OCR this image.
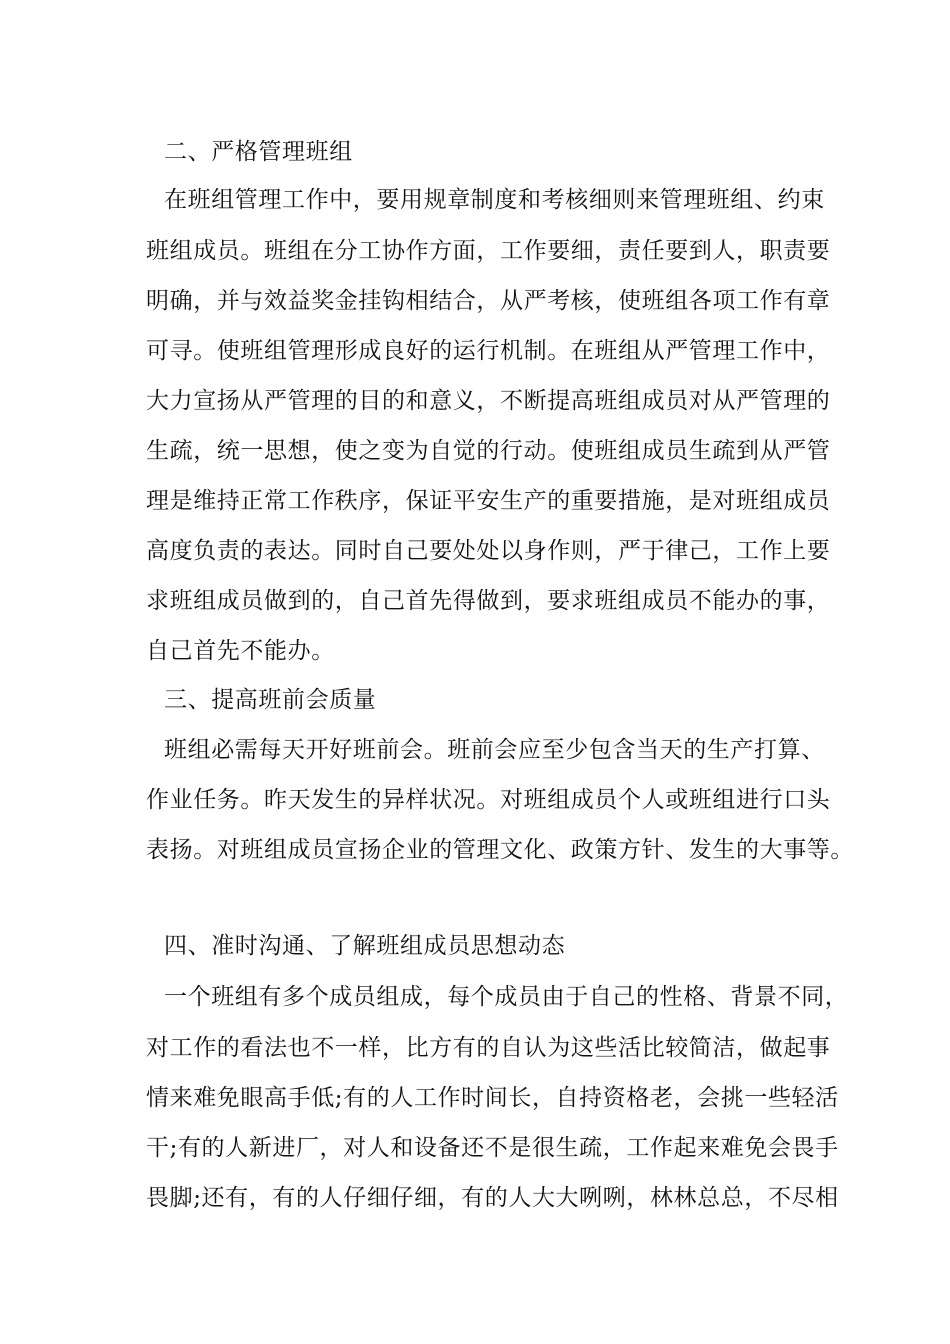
二、严格管理班组
在班组管理工作中，要用规章制度和考核细则来管理班组、约束
班组成员。班组在分工协作方面，工作要细，责任要到人，职责要
明确，并与效益奖金挂钩相结合，从严考核，使班组各项工作有章
可寻。使班组管理形成良好的运行机制。在班组从严管理工作中，
大力宣扬从严管理的目的和意义，不断提高班组成员对从严管理的
生疏，统一思想，使之变为自觉的行动。使班组成员生疏到从严管
理是维持正常工作秩序，保证平安生产的重要措施，是对班组成员
高度负责的表达。同时自己要处处以身作则，严于律己，工作上要
求班组成员做到的，自己首先得做到，要求班组成员不能办的事，
自己首先不能办。
三、提高班前会质量
班组必需每天开好班前会。班前会应至少包含当天的生产打算、
作业任务。昨天发生的异样状况。对班组成员个人或班组进行口头
表扬。对班组成员宣扬企业的管理文化、政策方针、发生的大事等。
四、准时沟通、了解班组成员思想动态
一个班组有多个成员组成，每个成员由于自己的性格、背景不同，
对工作的看法也不一样，比方有的自认为这些活比较简洁，做起事
情来难免眼高手低;有的人工作时间长，自持资格老，会挑一些轻活
干;有的人新进厂，对人和设备还不是很生疏，工作起来难免会畏手
畏脚;还有，有的人仔细仔细，有的人大大咧咧，林林总总，不尽相
